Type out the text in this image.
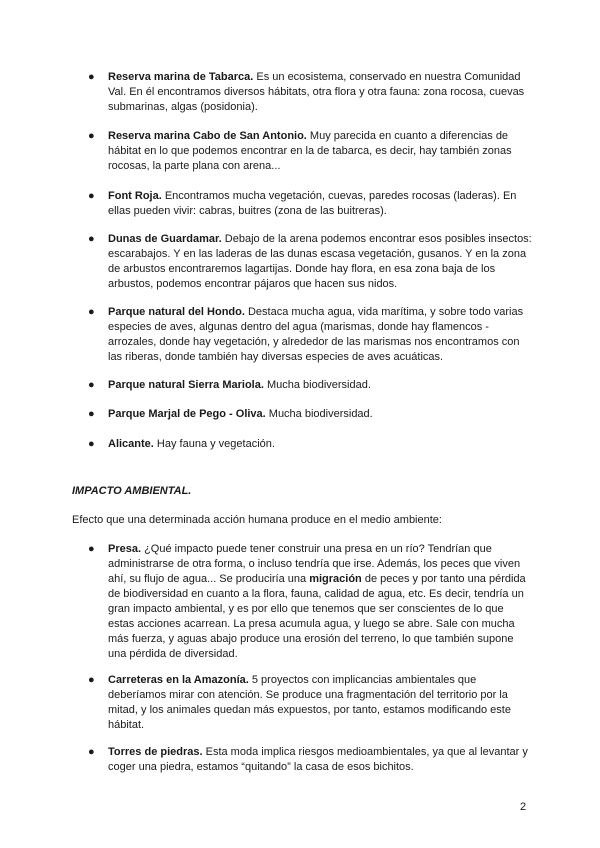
●	Reserva marina de Tabarca. Es un ecosistema, conservado en nuestra Comunidad Val. En él encontramos diversos hábitats, otra flora y otra fauna: zona rocosa, cuevas submarinas, algas (posidonia).
●	Reserva marina Cabo de San Antonio. Muy parecida en cuanto a diferencias de hábitat en lo que podemos encontrar en la de tabarca, es decir, hay también zonas rocosas, la parte plana con arena...
●	Font Roja. Encontramos mucha vegetación, cuevas, paredes rocosas (laderas). En ellas pueden vivir: cabras, buitres (zona de las buitreras).
●	Dunas de Guardamar. Debajo de la arena podemos encontrar esos posibles insectos: escarabajos. Y en las laderas de las dunas escasa vegetación, gusanos. Y en la zona de arbustos encontraremos lagartijas. Donde hay flora, en esa zona baja de los arbustos, podemos encontrar pájaros que hacen sus nidos.
●	Parque natural del Hondo. Destaca mucha agua, vida marítima, y sobre todo varias especies de aves, algunas dentro del agua (marismas, donde hay flamencos - arrozales, donde hay vegetación, y alrededor de las marismas nos encontramos con las riberas, donde también hay diversas especies de aves acuáticas.
●	Parque natural Sierra Mariola. Mucha biodiversidad.
●	Parque Marjal de Pego - Oliva. Mucha biodiversidad.
●	Alicante. Hay fauna y vegetación.
IMPACTO AMBIENTAL.
Efecto que una determinada acción humana produce en el medio ambiente:
●	Presa. ¿Qué impacto puede tener construir una presa en un río? Tendrían que administrarse de otra forma, o incluso tendría que irse. Además, los peces que viven ahí, su flujo de agua... Se produciría una migración de peces y por tanto una pérdida de biodiversidad en cuanto a la flora, fauna, calidad de agua, etc. Es decir, tendría un gran impacto ambiental, y es por ello que tenemos que ser conscientes de lo que estas acciones acarrean. La presa acumula agua, y luego se abre. Sale con mucha más fuerza, y aguas abajo produce una erosión del terreno, lo que también supone una pérdida de diversidad.
●	Carreteras en la Amazonía. 5 proyectos con implicancias ambientales que deberíamos mirar con atención. Se produce una fragmentación del territorio por la mitad, y los animales quedan más expuestos, por tanto, estamos modificando este hábitat.
●	Torres de piedras. Esta moda implica riesgos medioambientales, ya que al levantar y coger una piedra, estamos “quitando” la casa de esos bichitos.
2
